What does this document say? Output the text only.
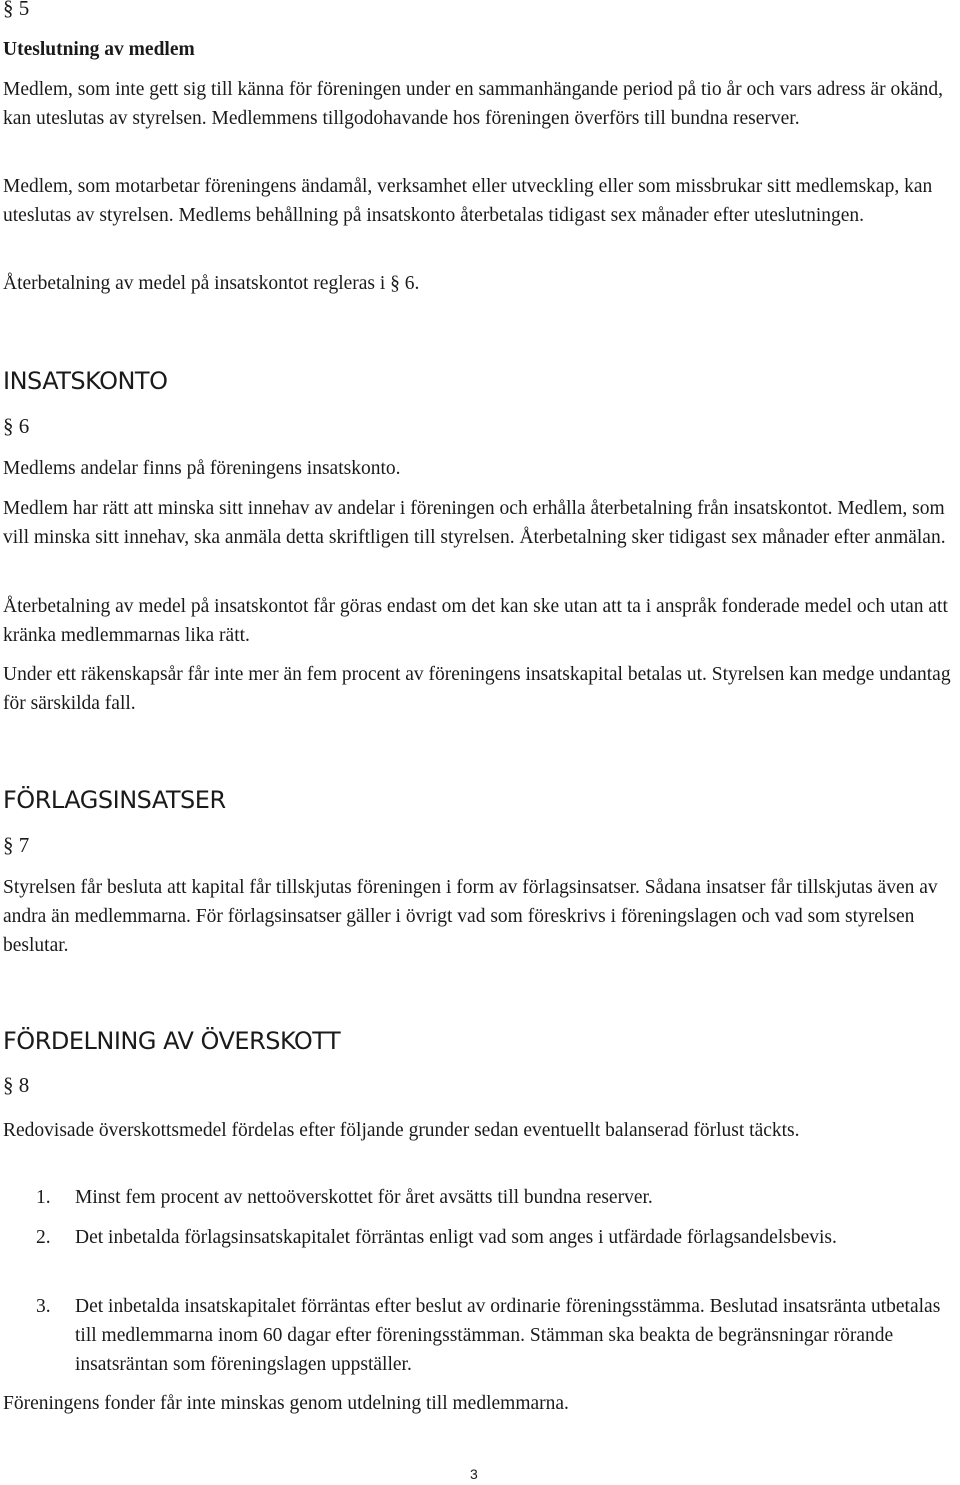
§ 5

Uteslutning av medlem

Medlem, som inte gett sig till känna för föreningen under en sammanhängande period på tio år och vars adress är okänd, kan uteslutas av styrelsen. Medlemmens tillgodohavande hos föreningen överförs till bundna reserver.

Medlem, som motarbetar föreningens ändamål, verksamhet eller utveckling eller som missbrukar sitt medlemskap, kan uteslutas av styrelsen. Medlems behållning på insatskonto återbetalas tidigast sex månader efter uteslutningen.

Återbetalning av medel på insatskontot regleras i § 6.

INSATSKONTO
§ 6

Medlems andelar finns på föreningens insatskonto.

Medlem har rätt att minska sitt innehav av andelar i föreningen och erhålla återbetalning från insatskontot. Medlem, som vill minska sitt innehav, ska anmäla detta skriftligen till styrelsen. Återbetalning sker tidigast sex månader efter anmälan.

Återbetalning av medel på insatskontot får göras endast om det kan ske utan att ta i anspråk fonderade medel och utan att kränka medlemmarnas lika rätt.

Under ett räkenskapsår får inte mer än fem procent av föreningens insatskapital betalas ut. Styrelsen kan medge undantag för särskilda fall.

FÖRLAGSINSATSER
§ 7

Styrelsen får besluta att kapital får tillskjutas föreningen i form av förlagsinsatser. Sådana insatser får tillskjutas även av andra än medlemmarna. För förlagsinsatser gäller i övrigt vad som föreskrivs i föreningslagen och vad som styrelsen beslutar.

FÖRDELNING AV ÖVERSKOTT
§ 8

Redovisade överskottsmedel fördelas efter följande grunder sedan eventuellt balanserad förlust täckts.

1.	Minst fem procent av nettoöverskottet för året avsätts till bundna reserver.
2.	Det inbetalda förlagsinsatskapitalet förräntas enligt vad som anges i utfärdade förlagsandelsbevis.
3.	Det inbetalda insatskapitalet förräntas efter beslut av ordinarie föreningsstämma. Beslutad insatsränta utbetalas till medlemmarna inom 60 dagar efter föreningsstämman. Stämman ska beakta de begränsningar rörande insatsräntan som föreningslagen uppställer.

Föreningens fonder får inte minskas genom utdelning till medlemmarna.

3
